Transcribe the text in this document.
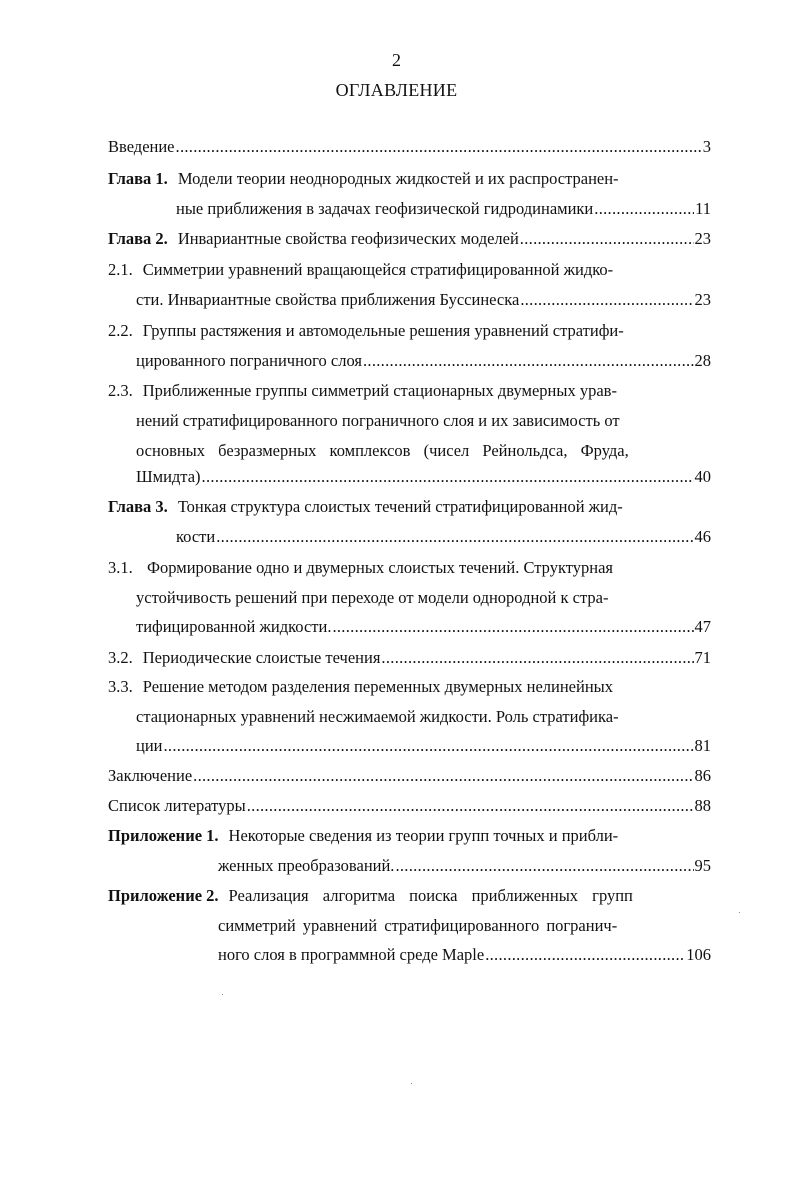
2
ОГЛАВЛЕНИЕ
Введение .....	3
Глава 1. Модели теории неоднородных жидкостей и их распространен-
ные приближения в задачах геофизической гидродинамики .....	11
Глава 2. Инвариантные свойства геофизических моделей .....	23
2.1. Симметрии уравнений вращающейся стратифицированной жидко-
сти. Инвариантные свойства приближения Буссинеска .....	23
2.2. Группы растяжения и автомодельные решения уравнений стратифи-
цированного пограничного слоя .....	28
2.3. Приближенные группы симметрий стационарных двумерных урав-
нений стратифицированного пограничного слоя и их зависимость от
основных безразмерных комплексов (чисел Рейнольдса, Фруда,
Шмидта) .....	40
Глава 3. Тонкая структура слоистых течений стратифицированной жид-
кости .....	46
3.1. Формирование одно и двумерных слоистых течений. Структурная
устойчивость решений при переходе от модели однородной к стра-
тифицированной жидкости. .....	47
3.2. Периодические слоистые течения .....	71
3.3. Решение методом разделения переменных двумерных нелинейных
стационарных уравнений несжимаемой жидкости. Роль стратифика-
ции .....	81
Заключение .....	86
Список литературы .....	88
Приложение 1. Некоторые сведения из теории групп точных и прибли-
женных преобразований. .....	95
Приложение 2. Реализация алгоритма поиска приближенных групп
симметрий уравнений стратифицированного погранич-
ного слоя в программной среде Maple .....	106
